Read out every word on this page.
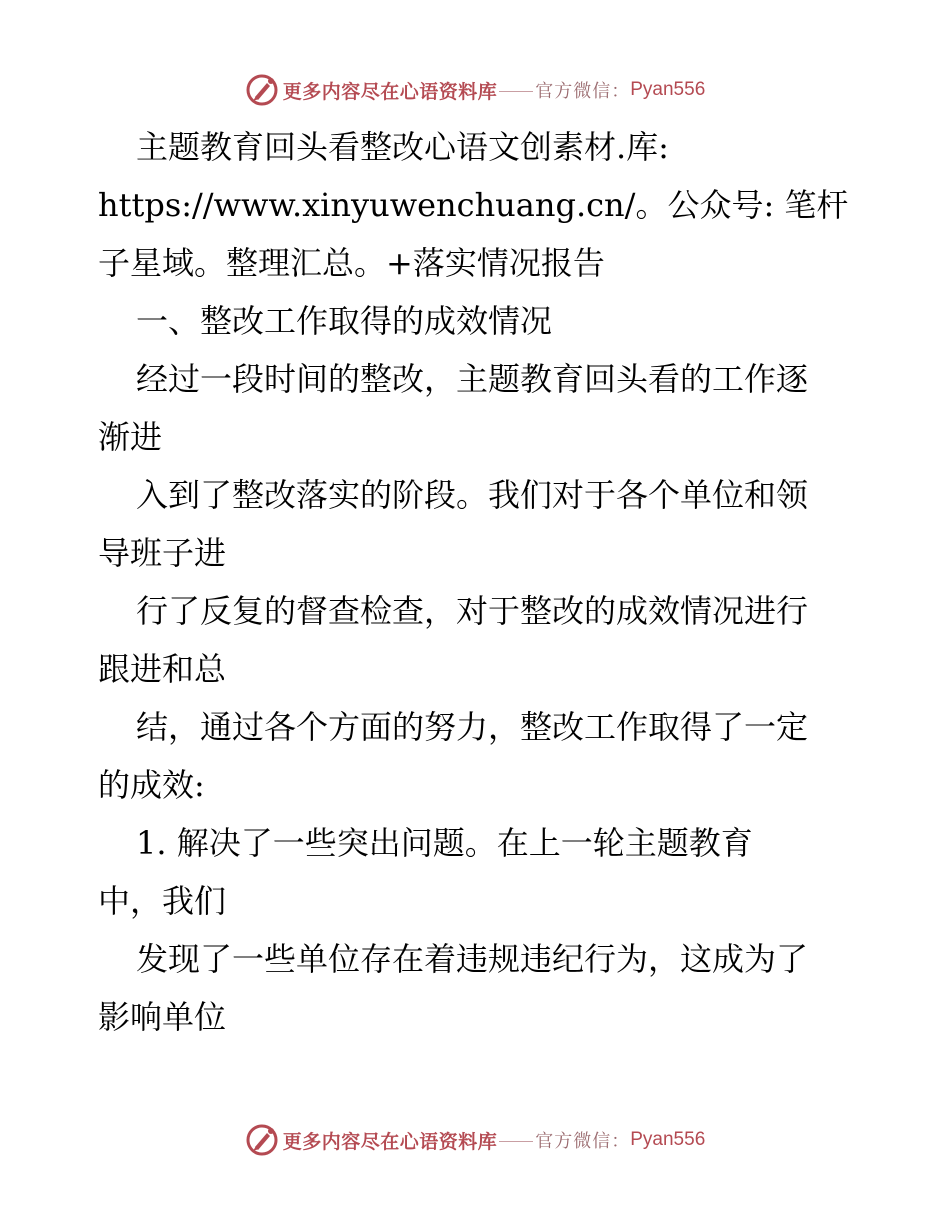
更多内容尽在心语资料库 官方微信： Pyan556
主题教育回头看整改心语文创素材.库:
https://www.xinyuwenchuang.cn/。公众号: 笔杆
子星域。整理汇总。+落实情况报告
一、整改工作取得的成效情况
经过一段时间的整改，主题教育回头看的工作逐
渐进
入到了整改落实的阶段。我们对于各个单位和领
导班子进
行了反复的督查检查，对于整改的成效情况进行
跟进和总
结，通过各个方面的努力，整改工作取得了一定
的成效:
1. 解决了一些突出问题。在上一轮主题教育
中，我们
发现了一些单位存在着违规违纪行为，这成为了
影响单位
更多内容尽在心语资料库 官方微信： Pyan556
